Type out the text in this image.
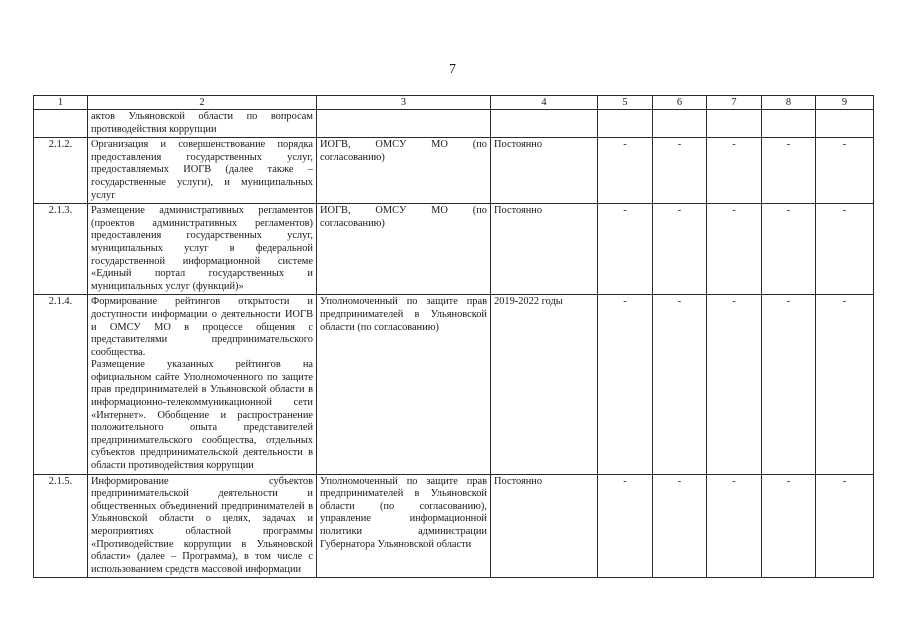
7
1	2	3	4	5	6	7	8	9

	актов Ульяновской области по вопросам противодействия коррупции							

2.1.2.	Организация и совершенствование порядка предоставления государственных услуг, предоставляемых ИОГВ (далее также – государственные услуги), и муниципальных услуг	ИОГВ, ОМСУ МО (по согласованию)	Постоянно	-	-	-	-	-
2.1.3.	Размещение административных регламентов (проектов административных регламентов) предоставления государственных услуг, муниципальных услуг в федеральной государственной информационной системе «Единый портал государственных и муниципальных услуг (функций)»	ИОГВ, ОМСУ МО (по согласованию)	Постоянно	-	-	-	-	-
2.1.4.	Формирование рейтингов открытости и доступности информации о деятельности ИОГВ и ОМСУ МО в процессе общения с представителями предпринимательского сообщества.
Размещение указанных рейтингов на официальном сайте Уполномоченного по защите прав предпринимателей в Ульяновской области в информационно-телекоммуникационной сети «Интернет». Обобщение и распространение положительного опыта представителей предпринимательского сообщества, отдельных субъектов предпринимательской деятельности в области противодействия коррупции	Уполномоченный по защите прав предпринимателей в Ульяновской области (по согласованию)	2019-2022 годы	-	-	-	-	-
2.1.5.	Информирование субъектов предпринимательской деятельности и общественных объединений предпринимателей в Ульяновской области о целях, задачах и мероприятиях областной программы «Противодействие коррупции в Ульяновской области» (далее – Программа), в том числе с использованием средств массовой информации	Уполномоченный по защите прав предпринимателей в Ульяновской области (по согласованию), управление информационной политики администрации Губернатора Ульяновской области	Постоянно	-	-	-	-	-
